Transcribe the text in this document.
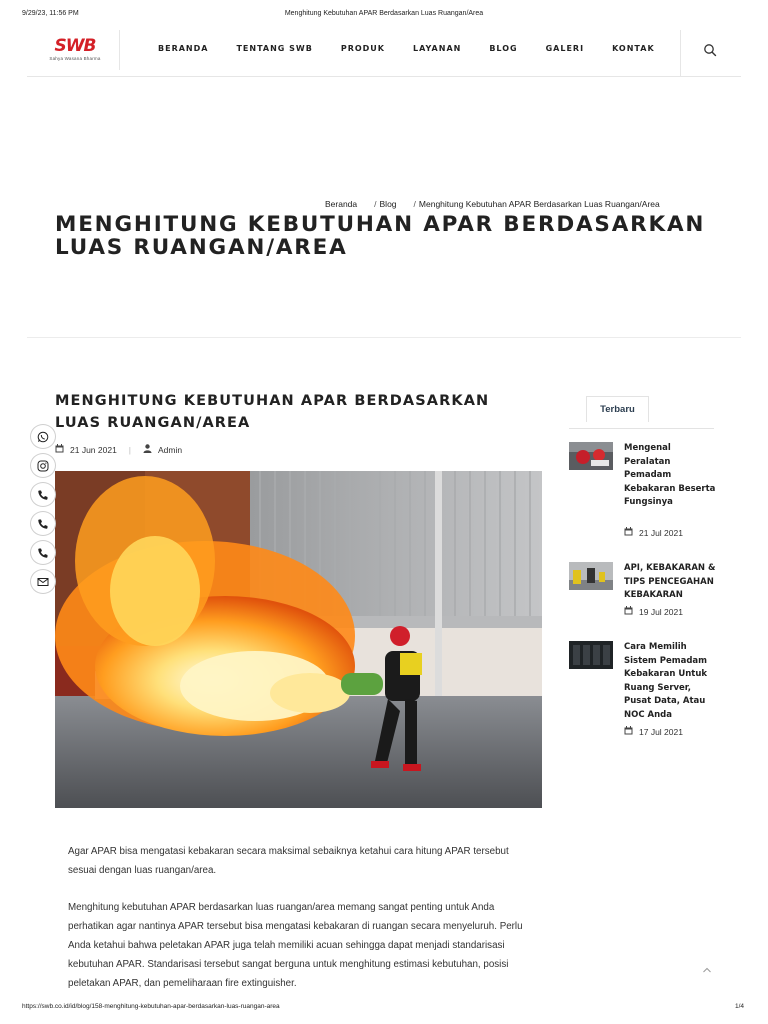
9/29/23, 11:56 PM	Menghitung Kebutuhan APAR Berdasarkan Luas Ruangan/Area
SWB
Sahya Wasana Bharma
BERANDA	TENTANG SWB	PRODUK	LAYANAN	BLOG	GALERI	KONTAK
Beranda / Blog / Menghitung Kebutuhan APAR Berdasarkan Luas Ruangan/Area
MENGHITUNG KEBUTUHAN APAR BERDASARKAN LUAS RUANGAN/AREA
MENGHITUNG KEBUTUHAN APAR BERDASARKAN LUAS RUANGAN/AREA
21 Jun 2021 |	Admin

Agar APAR bisa mengatasi kebakaran secara maksimal sebaiknya ketahui cara hitung APAR tersebut sesuai dengan luas ruangan/area.

Menghitung kebutuhan APAR berdasarkan luas ruangan/area memang sangat penting untuk Anda perhatikan agar nantinya APAR tersebut bisa mengatasi kebakaran di ruangan secara menyeluruh. Perlu Anda ketahui bahwa peletakan APAR juga telah memiliki acuan sehingga dapat menjadi standarisasi kebutuhan APAR. Standarisasi tersebut sangat berguna untuk menghitung estimasi kebutuhan, posisi peletakan APAR, dan pemeliharaan fire extinguisher.

Terbaru
Mengenal Peralatan Pemadam Kebakaran Beserta Fungsinya
21 Jul 2021
API, KEBAKARAN & TIPS PENCEGAHAN KEBAKARAN
19 Jul 2021
Cara Memilih Sistem Pemadam Kebakaran Untuk Ruang Server, Pusat Data, Atau NOC Anda
17 Jul 2021
https://swb.co.id/id/blog/158-menghitung-kebutuhan-apar-berdasarkan-luas-ruangan-area	1/4
